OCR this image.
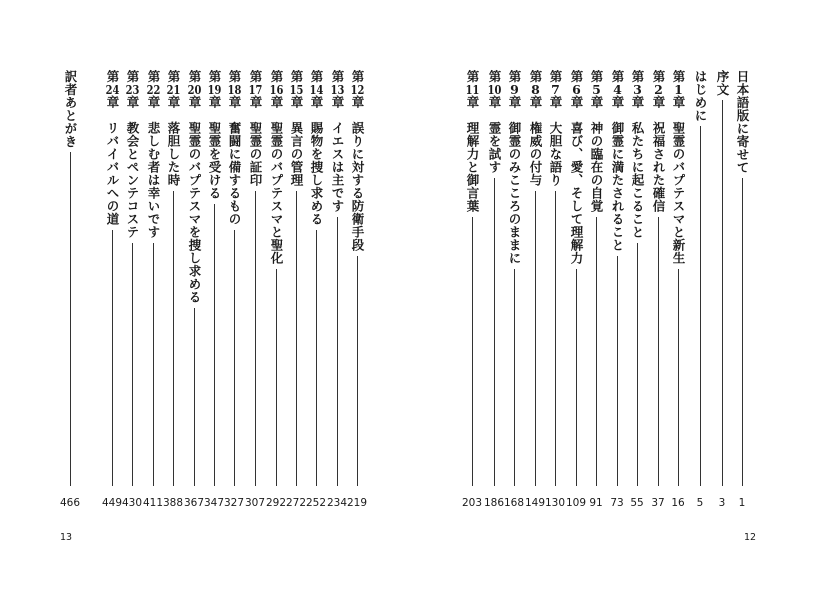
訳者あとがき
466
第24章　リバイバルへの道
449
第23章　教会とペンテコステ
430
第22章　悲しむ者は幸いです
411
第21章　落胆した時
388
第20章　聖霊のバプテスマを捜し求める
367
第19章　聖霊を受ける
347
第18章　奮闘に備するもの
327
第17章　聖霊の証印
307
第16章　聖霊のバプテスマと聖化
292
第15章　異言の管理
272
第14章　賜物を捜し求める
252
第13章　イエスは主です
234
第12章　誤りに対する防衛手段
219
13
第11章　理解力と御言葉
203
第10章　霊を試す
186
第9章　御霊のみこころのままに
168
第8章　権威の付与
149
第7章　大胆な語り
130
第6章　喜び、愛、そして理解力
109
第5章　神の臨在の自覚
91
第4章　御霊に満たされること
73
第3章　私たちに起こること
55
第2章　祝福された確信
37
第1章　聖霊のバプテスマと新生
16
はじめに
5
序文
3
日本語版に寄せて
1
12
